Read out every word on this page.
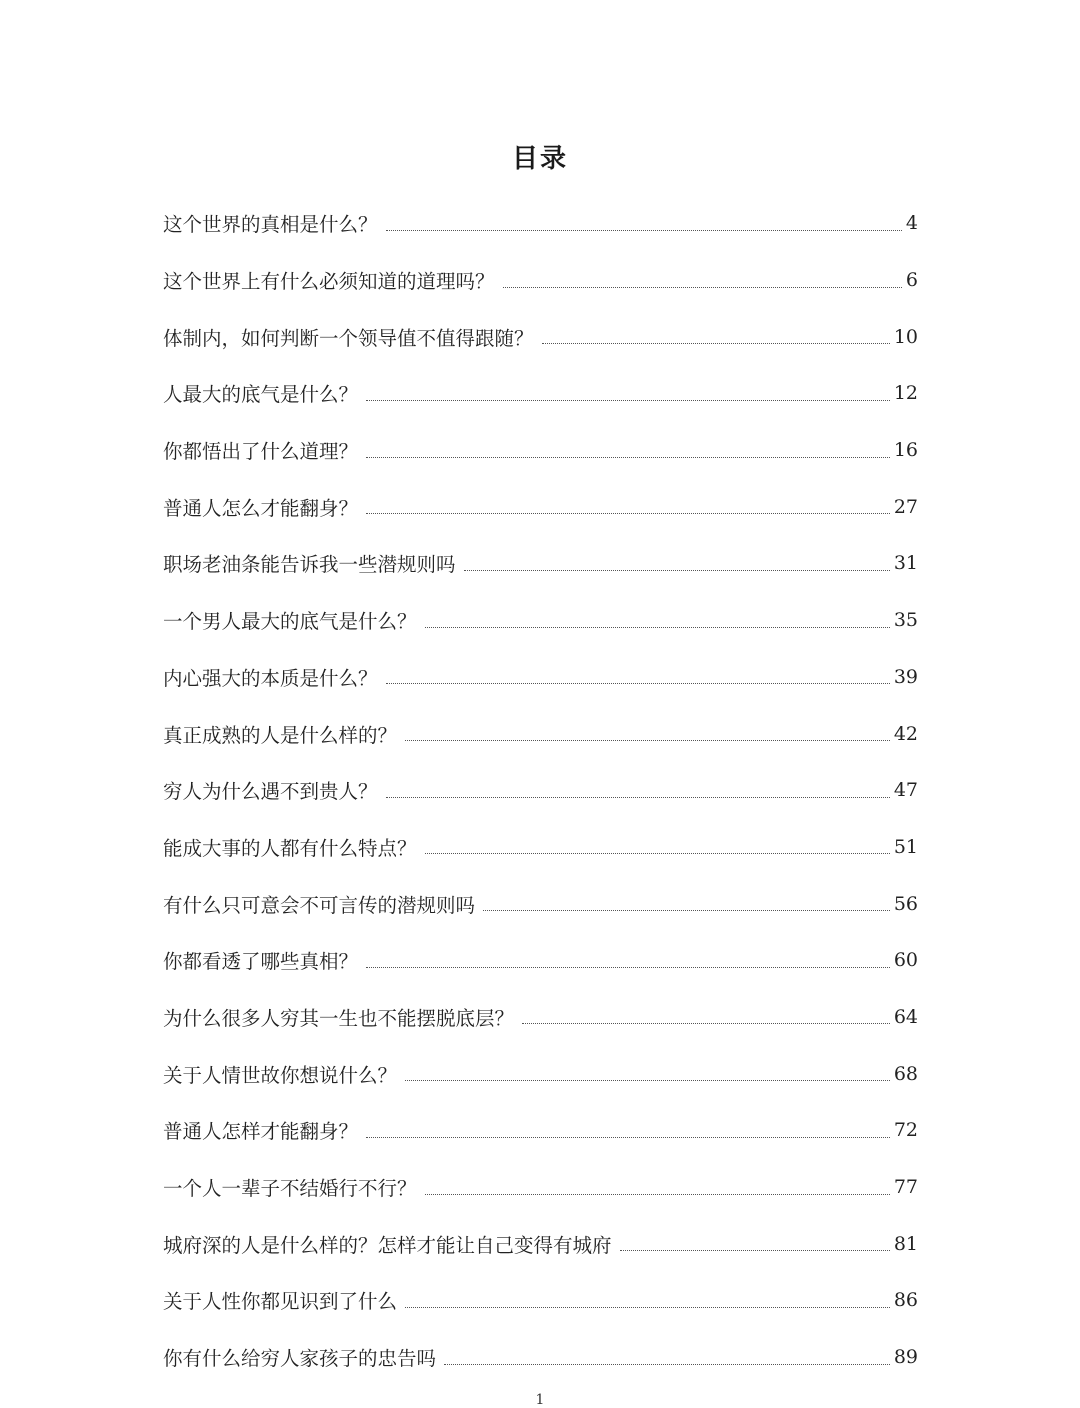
目录
这个世界的真相是什么？	4
这个世界上有什么必须知道的道理吗？	6
体制内，如何判断一个领导值不值得跟随？	10
人最大的底气是什么？	12
你都悟出了什么道理？	16
普通人怎么才能翻身？	27
职场老油条能告诉我一些潜规则吗	31
一个男人最大的底气是什么？	35
内心强大的本质是什么？	39
真正成熟的人是什么样的？	42
穷人为什么遇不到贵人？	47
能成大事的人都有什么特点？	51
有什么只可意会不可言传的潜规则吗	56
你都看透了哪些真相？	60
为什么很多人穷其一生也不能摆脱底层？	64
关于人情世故你想说什么？	68
普通人怎样才能翻身？	72
一个人一辈子不结婚行不行？	77
城府深的人是什么样的？怎样才能让自己变得有城府	81
关于人性你都见识到了什么	86
你有什么给穷人家孩子的忠告吗	89
1
